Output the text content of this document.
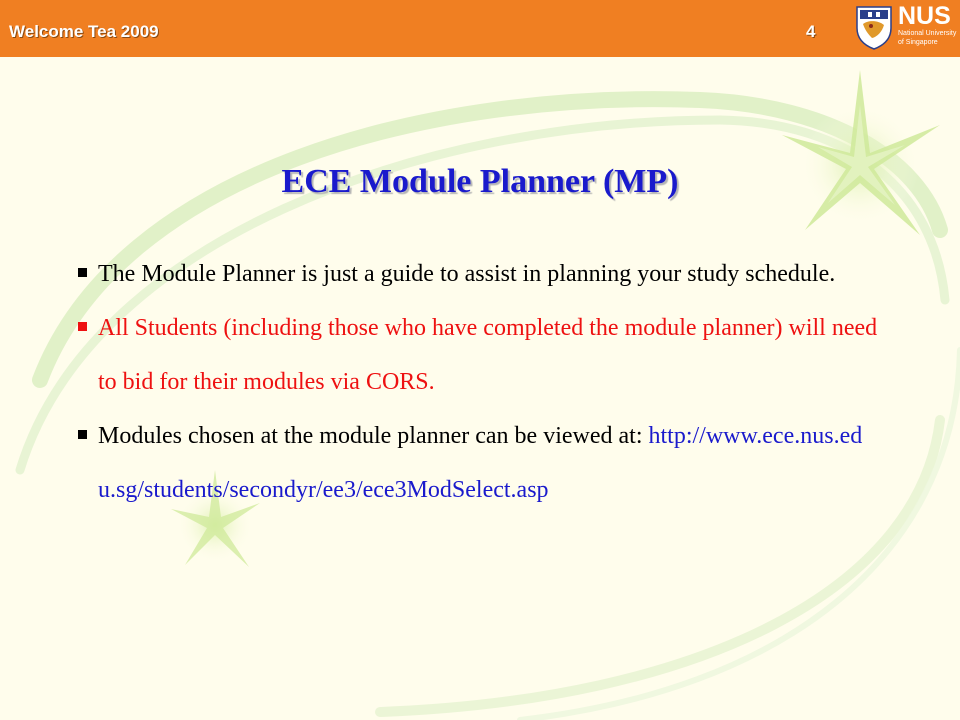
Welcome Tea 2009	4
NUS
National University
of Singapore
ECE Module Planner (MP)
The Module Planner is just a guide to assist in planning your study schedule.
All Students (including those who have completed the module planner) will need to bid for their modules via CORS.
Modules chosen at the module planner can be viewed at: http://www.ece.nus.edu.sg/students/secondyr/ee3/ece3ModSelect.asp
